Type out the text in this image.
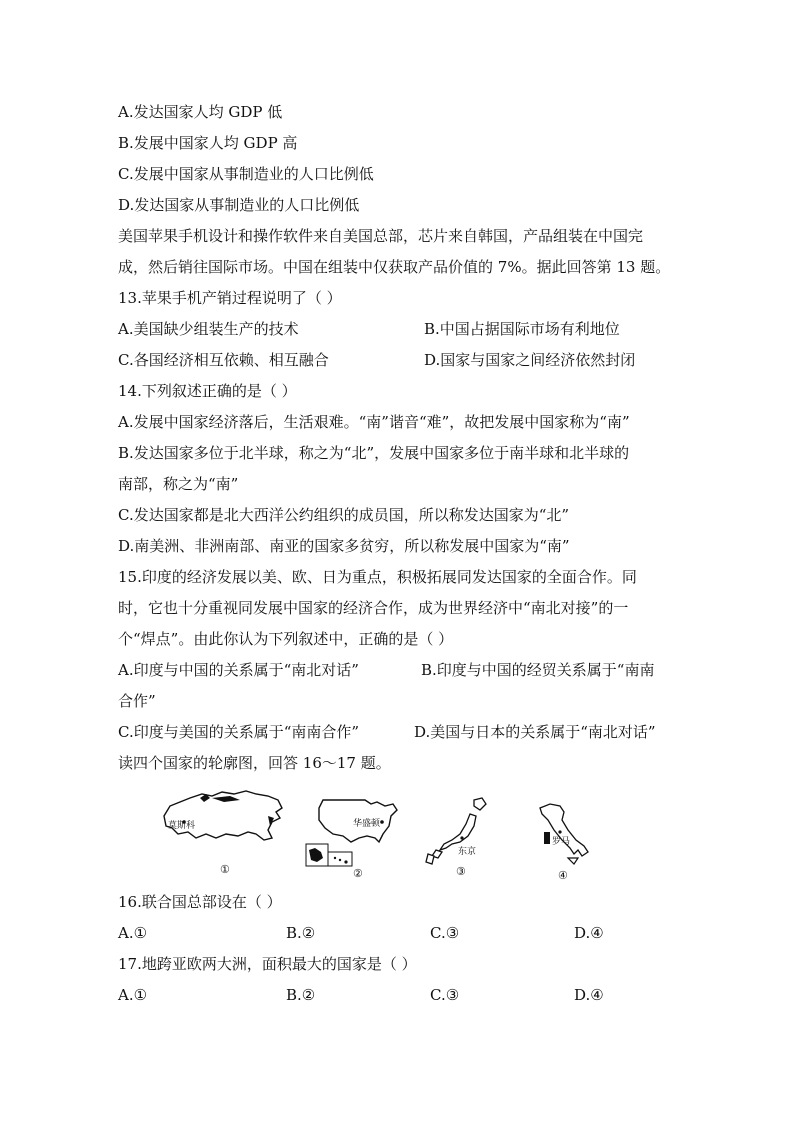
A.发达国家人均 GDP 低
B.发展中国家人均 GDP 高
C.发展中国家从事制造业的人口比例低
D.发达国家从事制造业的人口比例低
美国苹果手机设计和操作软件来自美国总部，芯片来自韩国，产品组装在中国完
成，然后销往国际市场。中国在组装中仅获取产品价值的 7%。据此回答第 13 题。
13.苹果手机产销过程说明了（ ）
A.美国缺少组装生产的技术	B.中国占据国际市场有利地位
C.各国经济相互依赖、相互融合	D.国家与国家之间经济依然封闭
14.下列叙述正确的是（ ）
A.发展中国家经济落后，生活艰难。“南”谐音“难”，故把发展中国家称为“南”
B.发达国家多位于北半球，称之为“北”，发展中国家多位于南半球和北半球的
南部，称之为“南”
C.发达国家都是北大西洋公约组织的成员国，所以称发达国家为“北”
D.南美洲、非洲南部、南亚的国家多贫穷，所以称发展中国家为“南”
15.印度的经济发展以美、欧、日为重点，积极拓展同发达国家的全面合作。同
时，它也十分重视同发展中国家的经济合作，成为世界经济中“南北对接”的一
个“焊点”。由此你认为下列叙述中，正确的是（ ）
A.印度与中国的关系属于“南北对话”	B.印度与中国的经贸关系属于“南南
合作”
C.印度与美国的关系属于“南南合作”	D.美国与日本的关系属于“南北对话”
读四个国家的轮廓图，回答 16～17 题。
莫斯科
①
华盛顿
②
东京
③
罗马
④
16.联合国总部设在（ ）
A.①	B.②	C.③	D.④
17.地跨亚欧两大洲，面积最大的国家是（ ）
A.①	B.②	C.③	D.④
